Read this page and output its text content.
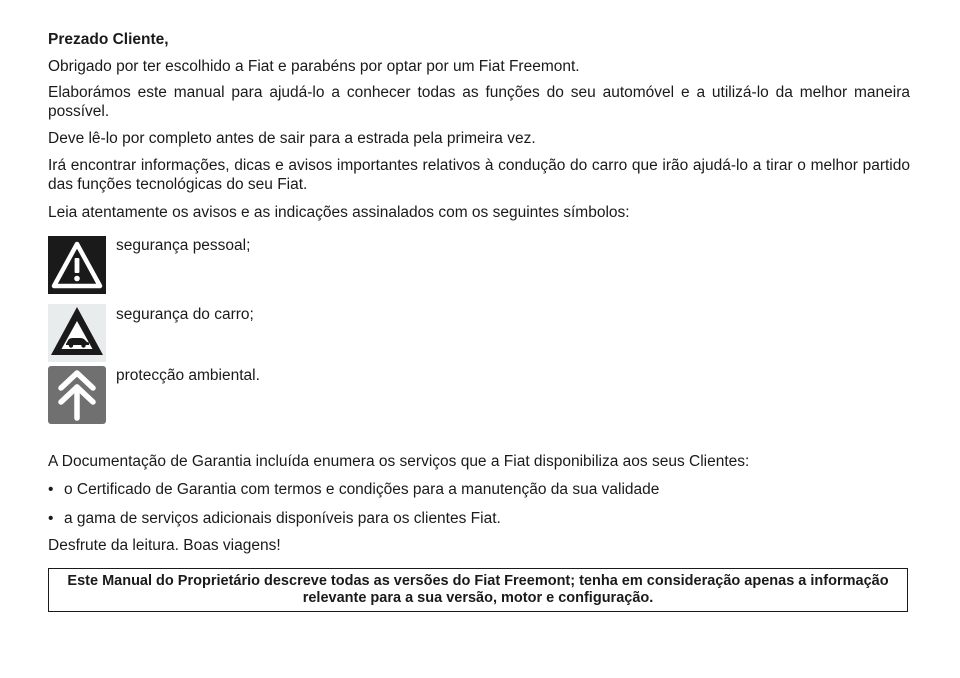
Prezado Cliente,

Obrigado por ter escolhido a Fiat e parabéns por optar por um Fiat Freemont.

Elaborámos este manual para ajudá-lo a conhecer todas as funções do seu automóvel e a utilizá-lo da melhor maneira possível.

Deve lê-lo por completo antes de sair para a estrada pela primeira vez.

Irá encontrar informações, dicas e avisos importantes relativos à condução do carro que irão ajudá-lo a tirar o melhor partido das funções tecnológicas do seu Fiat.

Leia atentamente os avisos e as indicações assinalados com os seguintes símbolos:

segurança pessoal;

segurança do carro;

protecção ambiental.

A Documentação de Garantia incluída enumera os serviços que a Fiat disponibiliza aos seus Clientes:

• o Certificado de Garantia com termos e condições para a manutenção da sua validade

• a gama de serviços adicionais disponíveis para os clientes Fiat.

Desfrute da leitura. Boas viagens!

Este Manual do Proprietário descreve todas as versões do Fiat Freemont; tenha em consideração apenas a informação relevante para a sua versão, motor e configuração.
